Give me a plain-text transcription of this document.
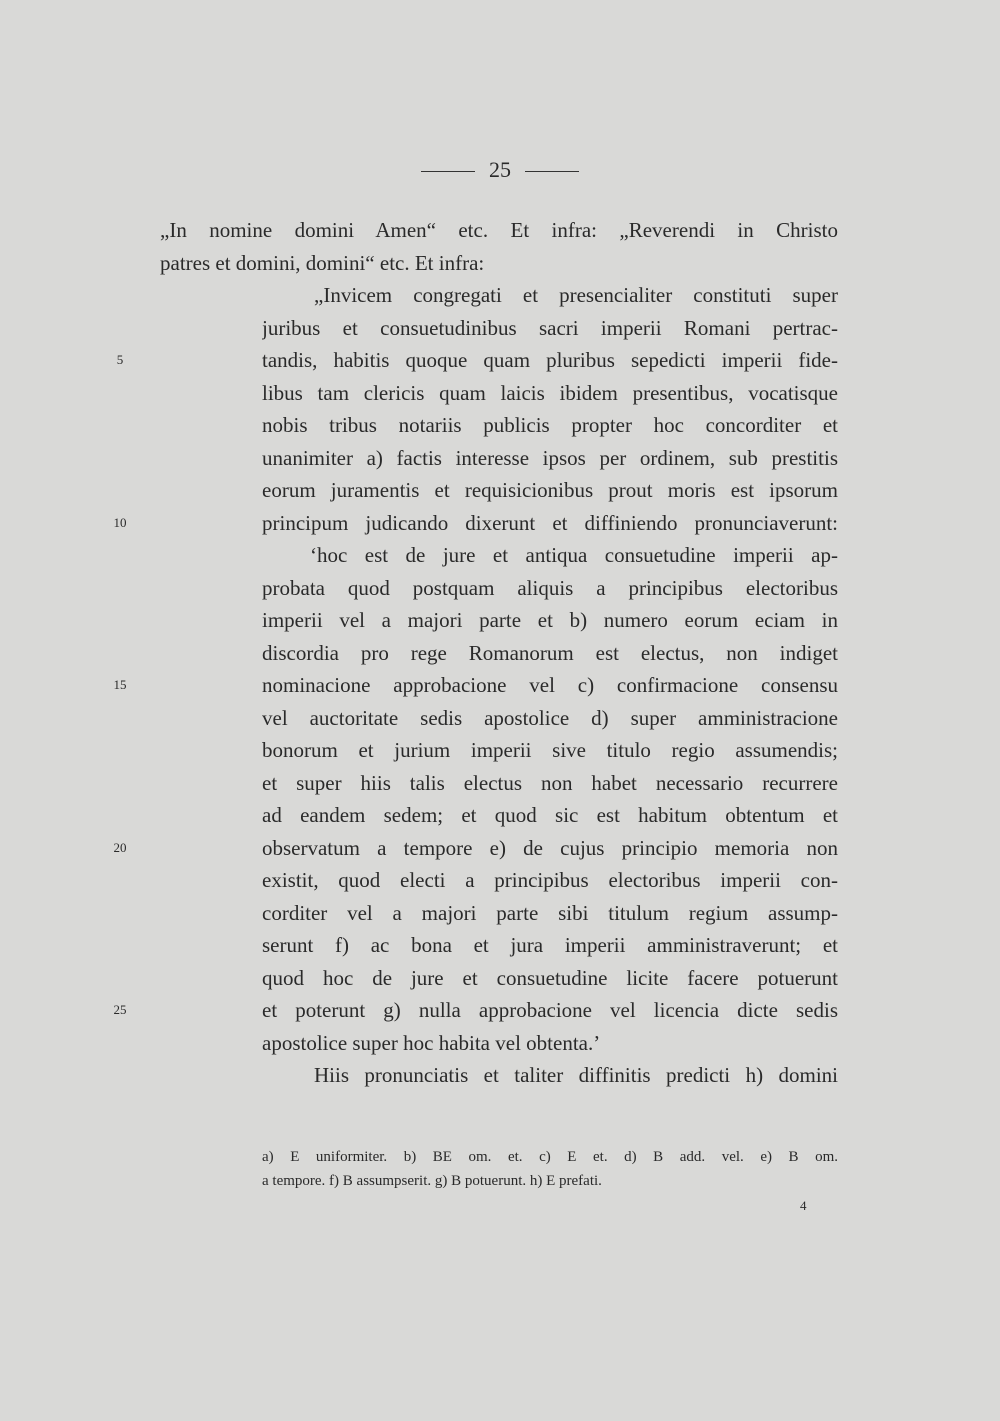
25
„In nomine domini Amen“ etc. Et infra: „Reverendi in Christo
patres et domini, domini“ etc. Et infra:
„Invicem congregati et presencialiter constituti super
juribus et consuetudinibus sacri imperii Romani pertrac-
tandis, habitis quoque quam pluribus sepedicti imperii fide-
libus tam clericis quam laicis ibidem presentibus, vocatisque
nobis tribus notariis publicis propter hoc concorditer et
unanimiter a) factis interesse ipsos per ordinem, sub prestitis
eorum juramentis et requisicionibus prout moris est ipsorum
principum judicando dixerunt et diffiniendo pronunciaverunt:
‘hoc est de jure et antiqua consuetudine imperii ap-
probata quod postquam aliquis a principibus electoribus
imperii vel a majori parte et b) numero eorum eciam in
discordia pro rege Romanorum est electus, non indiget
nominacione approbacione vel c) confirmacione consensu
vel auctoritate sedis apostolice d) super amministracione
bonorum et jurium imperii sive titulo regio assumendis;
et super hiis talis electus non habet necessario recurrere
ad eandem sedem; et quod sic est habitum obtentum et
observatum a tempore e) de cujus principio memoria non
existit, quod electi a principibus electoribus imperii con-
corditer vel a majori parte sibi titulum regium assump-
serunt f) ac bona et jura imperii amministraverunt; et
quod hoc de jure et consuetudine licite facere potuerunt
et poterunt g) nulla approbacione vel licencia dicte sedis
apostolice super hoc habita vel obtenta.’
Hiis pronunciatis et taliter diffinitis predicti h) domini
5
10
15
20
25
a) E uniformiter. b) BE om. et. c) E et. d) B add. vel. e) B om.
a tempore. f) B assumpserit. g) B potuerunt. h) E prefati.
4
